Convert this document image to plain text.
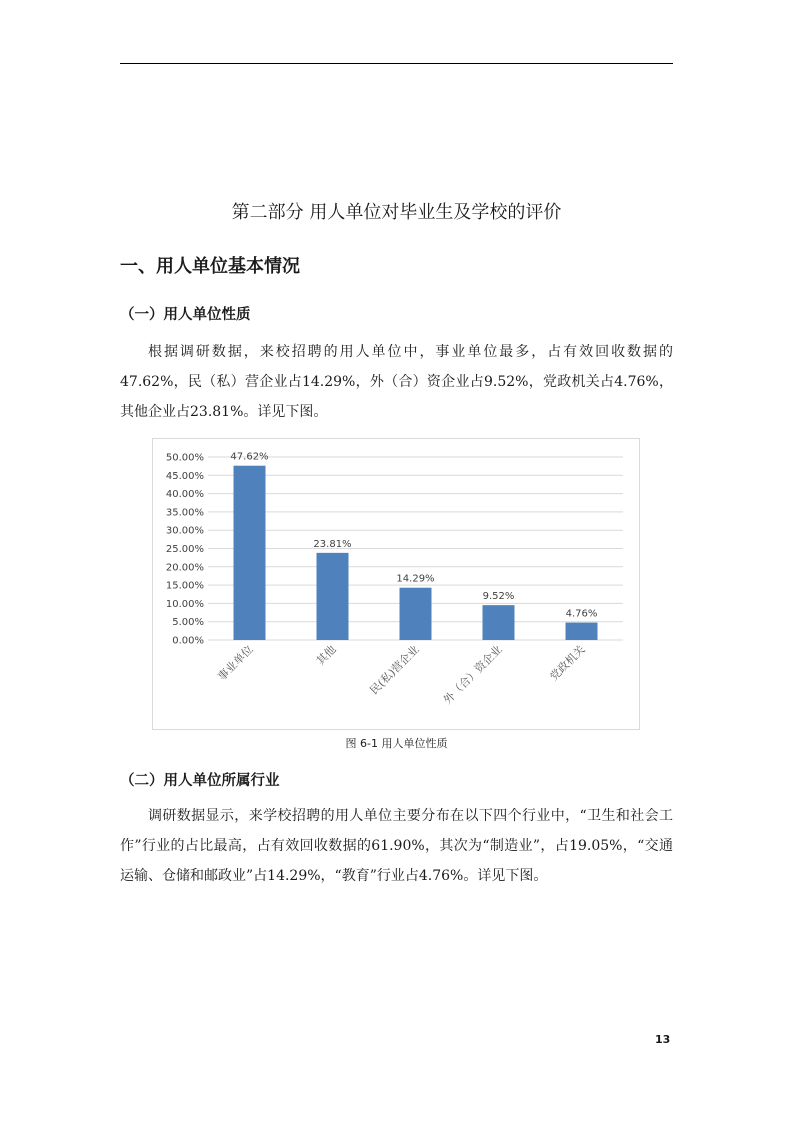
第二部分 用人单位对毕业生及学校的评价
一、用人单位基本情况
（一）用人单位性质
根据调研数据，来校招聘的用人单位中，事业单位最多，占有效回收数据的47.62%，民（私）营企业占14.29%，外（合）资企业占9.52%，党政机关占4.76%，其他企业占23.81%。详见下图。
0.00%
5.00%
10.00%
15.00%
20.00%
25.00%
30.00%
35.00%
40.00%
45.00%
50.00%	47.62%
事业单位
23.81%
其他
14.29%
民(私)营企业
9.52%
外（合）资企业
4.76%
党政机关
图 6-1 用人单位性质
（二）用人单位所属行业
调研数据显示，来学校招聘的用人单位主要分布在以下四个行业中，“卫生和社会工作”行业的占比最高，占有效回收数据的61.90%，其次为“制造业”，占19.05%，“交通运输、仓储和邮政业”占14.29%，“教育”行业占4.76%。详见下图。
13
